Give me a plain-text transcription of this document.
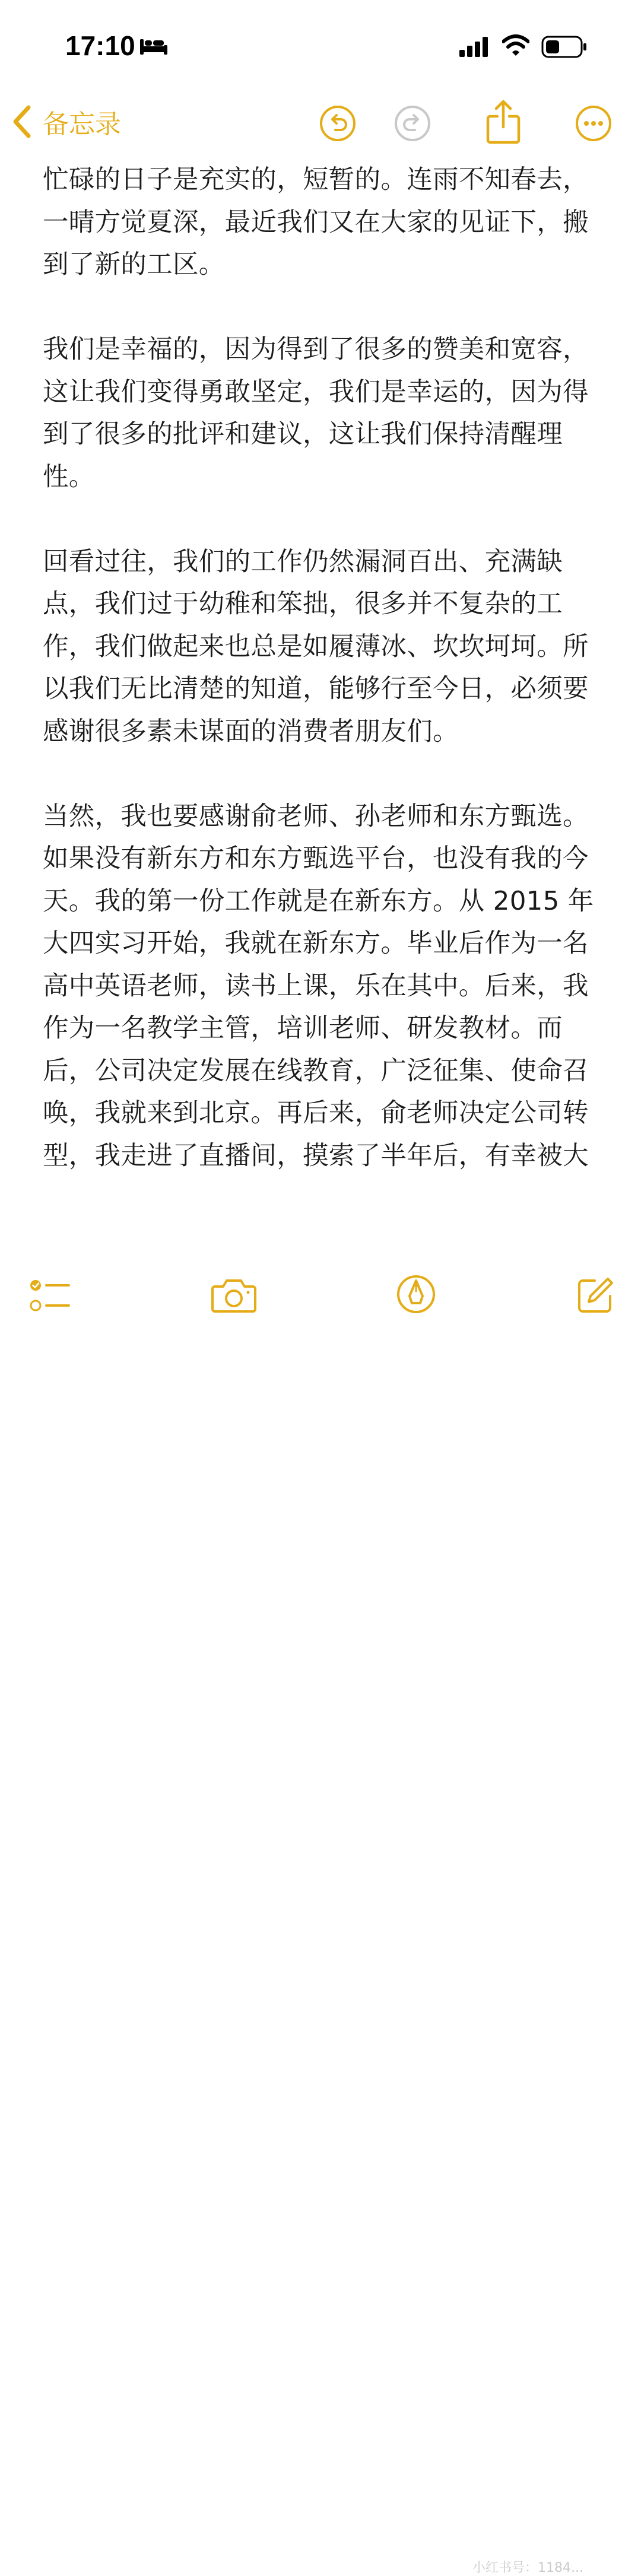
17:10
备忘录

忙碌的日子是充实的，短暂的。连雨不知春去，一晴方觉夏深，最近我们又在大家的见证下，搬到了新的工区。

我们是幸福的，因为得到了很多的赞美和宽容，这让我们变得勇敢坚定，我们是幸运的，因为得到了很多的批评和建议，这让我们保持清醒理性。

回看过往，我们的工作仍然漏洞百出、充满缺点，我们过于幼稚和笨拙，很多并不复杂的工作，我们做起来也总是如履薄冰、坎坎坷坷。所以我们无比清楚的知道，能够行至今日，必须要感谢很多素未谋面的消费者朋友们。

当然，我也要感谢俞老师、孙老师和东方甄选。如果没有新东方和东方甄选平台，也没有我的今天。我的第一份工作就是在新东方。从 2015 年大四实习开始，我就在新东方。毕业后作为一名高中英语老师，读书上课，乐在其中。后来，我作为一名教学主管，培训老师、研发教材。而后，公司决定发展在线教育，广泛征集、使命召唤，我就来到北京。再后来，俞老师决定公司转型，我走进了直播间，摸索了半年后，有幸被大

小红书号：1184...
